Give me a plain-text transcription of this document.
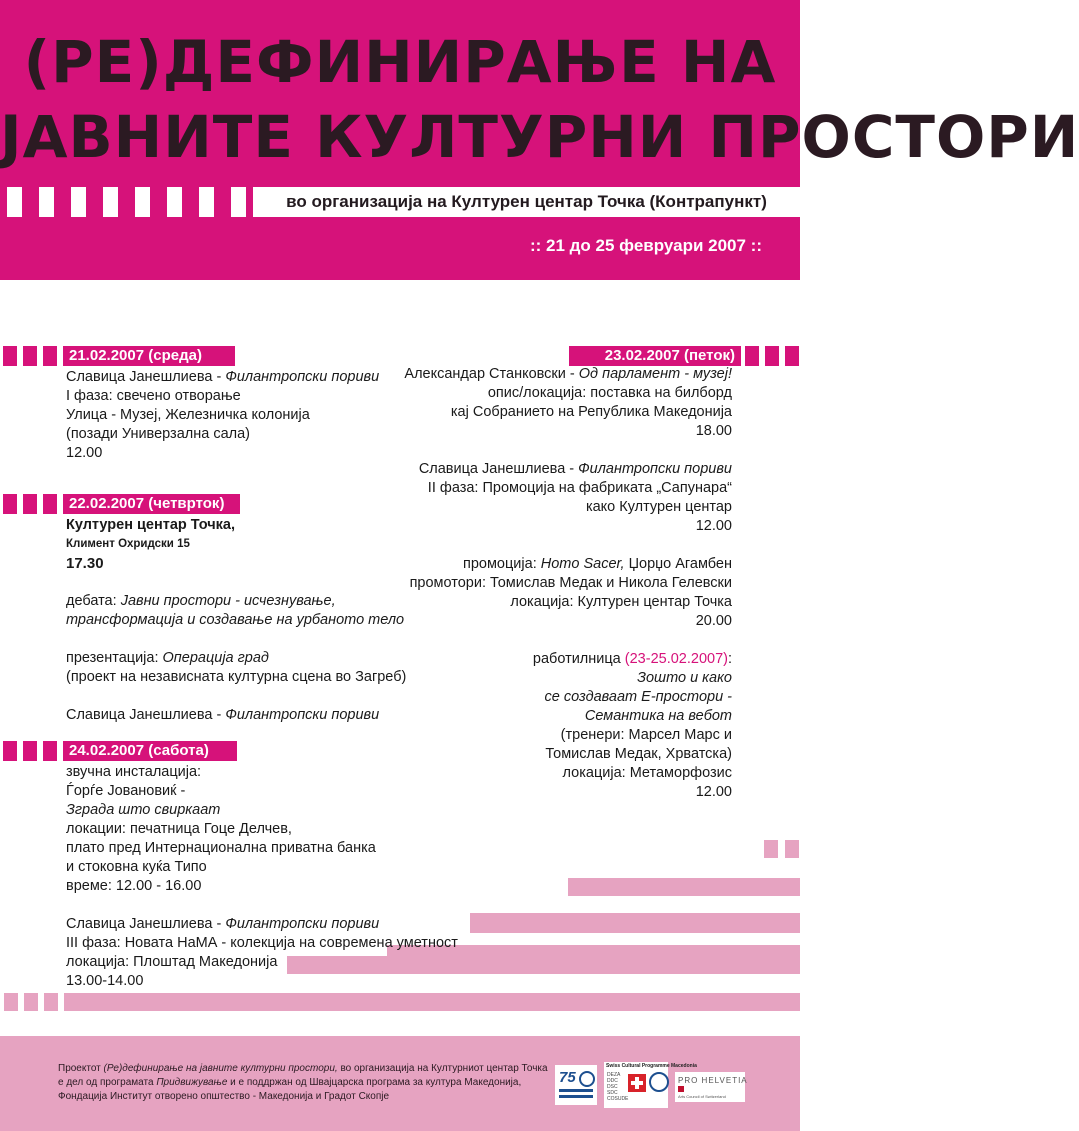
(РЕ)ДЕФИНИРАЊЕ НА
ЈАВНИТЕ КУЛТУРНИ ПРОСТОРИ
во организација на Културен центар Точка (Контрапункт)
:: 21 до 25 февруари 2007 ::
21.02.2007 (среда)
Славица Јанешлиева - Филантропски пориви
I фаза: свечено отворање
Улица - Музеј, Железничка колонија
(позади Универзална сала)
12.00
22.02.2007 (четврток)
Културен центар Точка,
Климент Охридски 15
17.30
дебата: Јавни простори - исчезнување,
трансформација и создавање на урбаното тело
презентација: Операција град
(проект на независната културна сцена во Загреб)
Славица Јанешлиева - Филантропски пориви
24.02.2007 (сабота)
звучна инсталација:
Ѓорѓе Јовановиќ -
Зграда што свиркаат
локации: печатница Гоце Делчев,
плато пред Интернационална приватна банка
и стоковна куќа Типо
време: 12.00 - 16.00
Славица Јанешлиева - Филантропски пориви
III фаза: Новата НаМА - колекција на современа уметност
локација: Плоштад Македонија
13.00-14.00
23.02.2007 (петок)
Александар Станковски - Од парламент - музеј!
опис/локација: поставка на билборд
кај Собранието на Република Македонија
18.00
Славица Јанешлиева - Филантропски пориви
II фаза: Промоција на фабриката „Сапунара“
како Културен центар
12.00
промоција: Homo Sacer, Џорџо Агамбен
промотори: Томислав Медак и Никола Гелевски
локација: Културен центар Точка
20.00
работилница (23-25.02.2007):
Зошто и како
се создаваат Е-простори -
Семантика на вебот
(тренери: Марсел Марс и
Томислав Медак, Хрватска)
локација: Метаморфозис
12.00
Проектот (Ре)дефинирање на јавните културни простори, во организација на Културниот центар Точка
е дел од програмата Придвижување и е поддржан од Швајцарска програма за култура Македонија,
Фондација Институт отворено општество - Македонија и Градот Скопје
75
Swiss Cultural Programme Macedonia
DEZA DDC DSC SDC COSUDE
PRO HELVETIA
Arts Council of Switzerland
